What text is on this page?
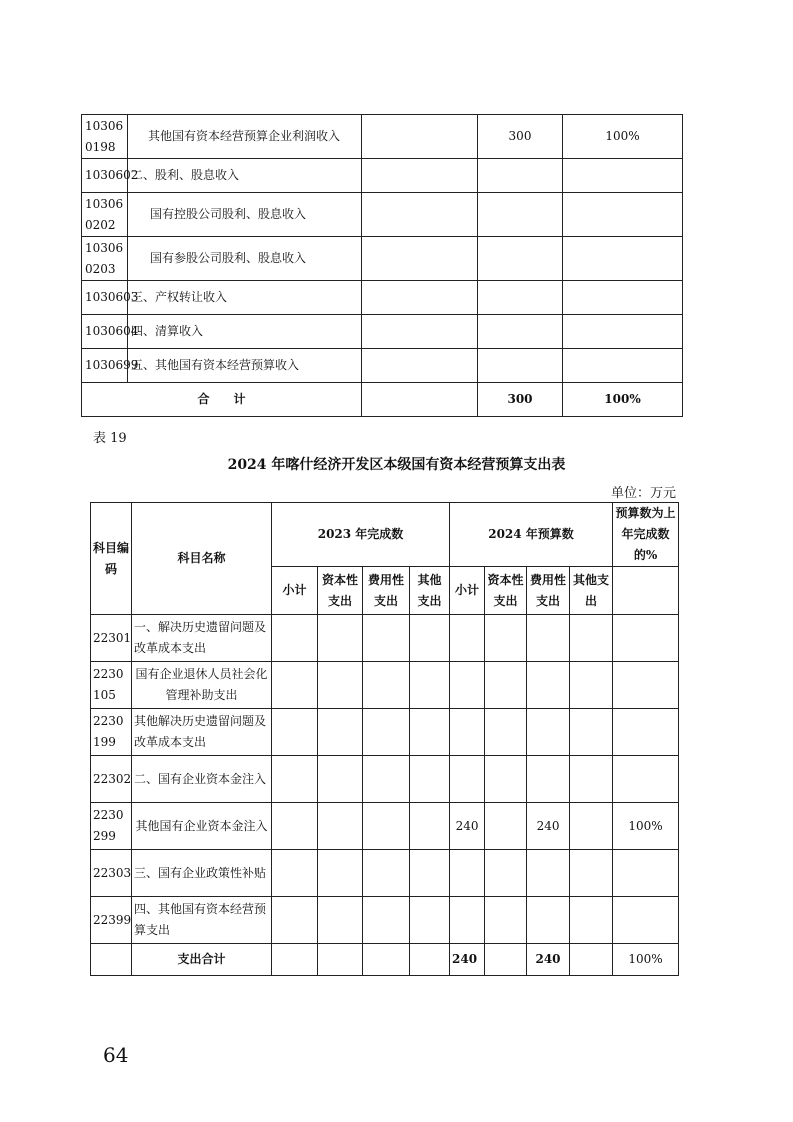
103060198	其他国有资本经营预算企业利润收入		300	100%
1030602	二、股利、股息收入			
103060202	国有控股公司股利、股息收入			
103060203	国有参股公司股利、股息收入			
1030603	三、产权转让收入			
1030604	四、清算收入			
1030699	五、其他国有资本经营预算收入			
合　　计			300	100%
表 19
2024 年喀什经济开发区本级国有资本经营预算支出表
单位：万元
科目编码	科目名称	2023 年完成数				2024 年预算数				预算数为上年完成数的%
		小计	资本性支出	费用性支出	其他支出	小计	资本性支出	费用性支出	其他支出	
22301	一、解决历史遗留问题及改革成本支出									
2230105	国有企业退休人员社会化管理补助支出									
2230199	其他解决历史遗留问题及改革成本支出									
22302	二、国有企业资本金注入									
2230299	其他国有企业资本金注入					240		240		100%
22303	三、国有企业政策性补贴									
22399	四、其他国有资本经营预算支出									
	支出合计					240		240		100%
64
